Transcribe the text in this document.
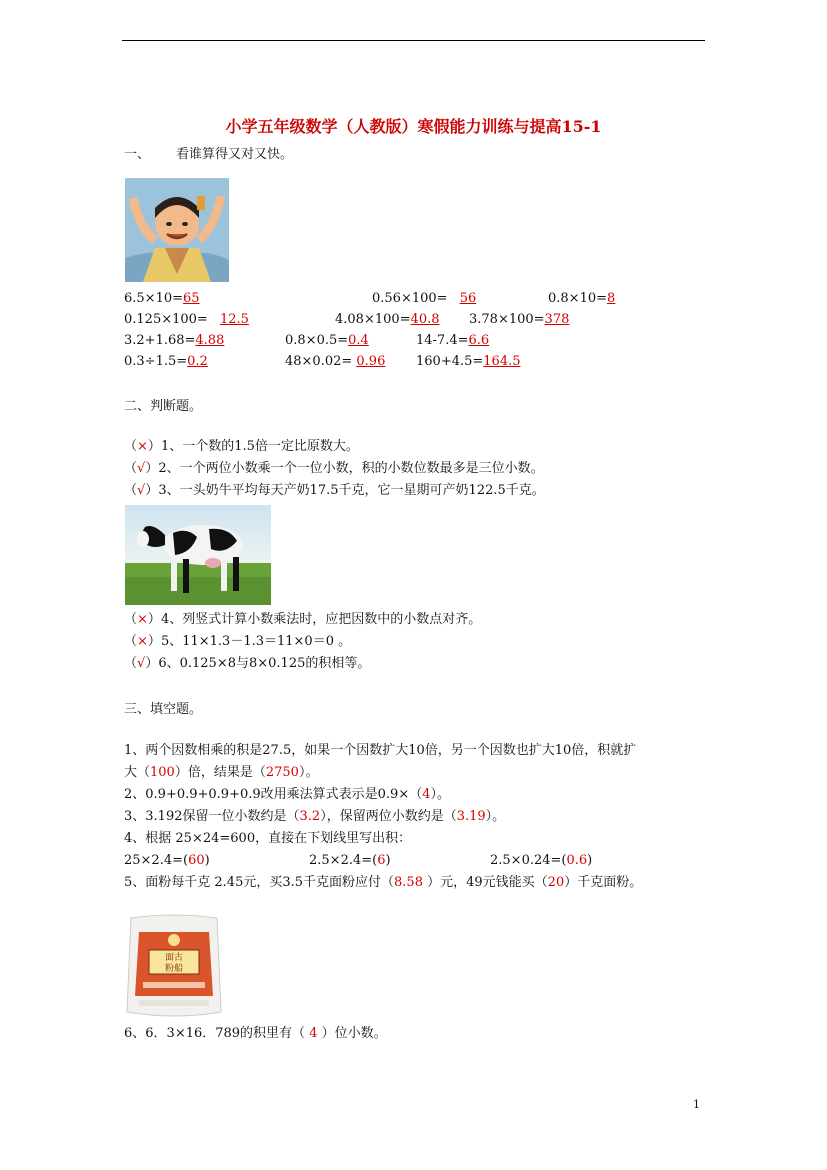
小学五年级数学（人教版）寒假能力训练与提高15-1
一、 看谁算得又对又快。
6.5×10=65	0.56×100= 56	0.8×10=8
0.125×100= 12.5	4.08×100=40.8 3.78×100=378
3.2+1.68=4.88	0.8×0.5=0.4	14-7.4=6.6
0.3÷1.5=0.2	48×0.02= 0.96 160+4.5=164.5
二、判断题。
（×）1、一个数的1.5倍一定比原数大。
（√）2、一个两位小数乘一个一位小数，积的小数位数最多是三位小数。
（√）3、一头奶牛平均每天产奶17.5千克，它一星期可产奶122.5千克。
（×）4、列竖式计算小数乘法时，应把因数中的小数点对齐。
（×）5、11×1.3－1.3＝11×0＝0 。
（√）6、0.125×8与8×0.125的积相等。
三、填空题。
1、两个因数相乘的积是27.5，如果一个因数扩大10倍，另一个因数也扩大10倍，积就扩
大（100）倍，结果是（2750）。
2、0.9+0.9+0.9+0.9改用乘法算式表示是0.9×（4）。
3、3.192保留一位小数约是（3.2），保留两位小数约是（3.19）。
4、根据 25×24=600，直接在下划线里写出积：
25×2.4=(60)	2.5×2.4=(6)	2.5×0.24=(0.6)
5、面粉每千克 2.45元，买3.5千克面粉应付（8.58 ）元，49元钱能买（20）千克面粉。
面古
粉船
6、6．3×16．789的积里有（ 4 ）位小数。
1
